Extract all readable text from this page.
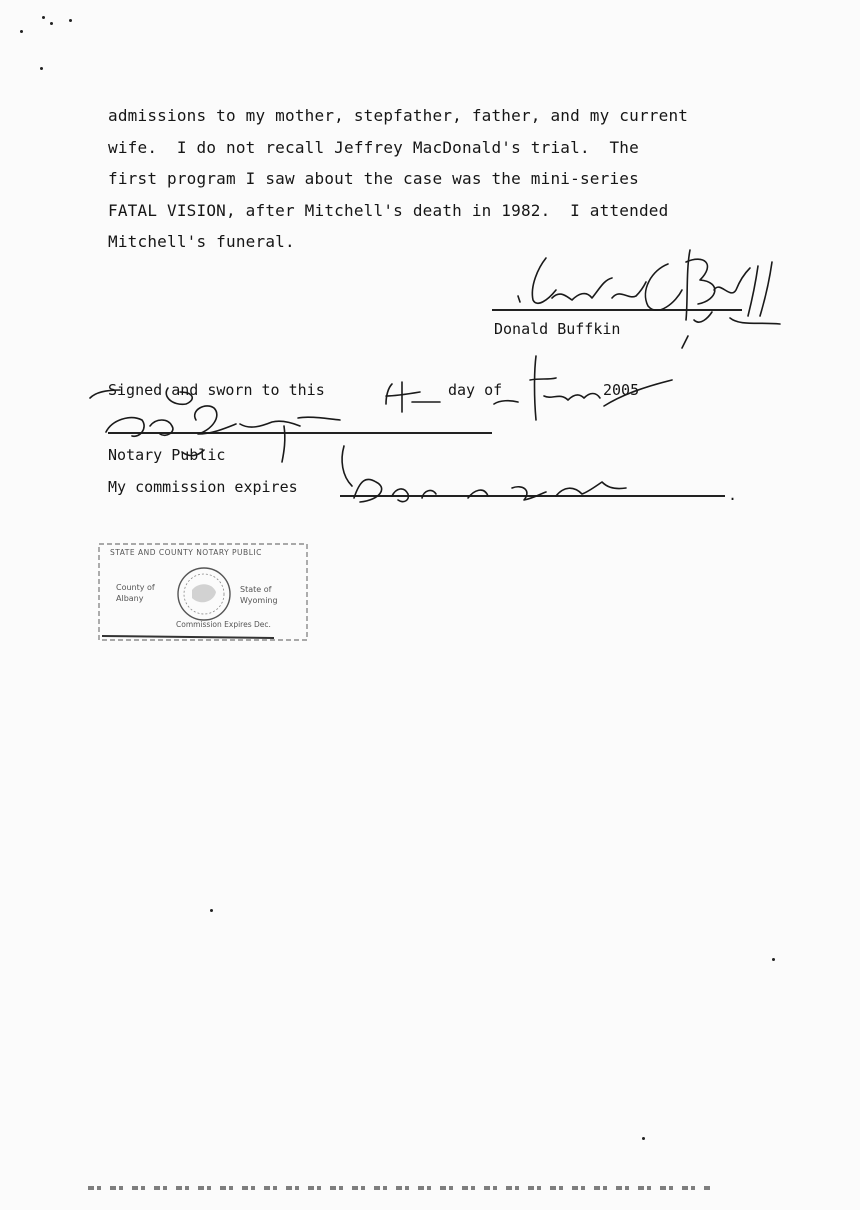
admissions to my mother, stepfather, father, and my current
wife.  I do not recall Jeffrey MacDonald's trial.  The
first program I saw about the case was the mini-series
FATAL VISION, after Mitchell's death in 1982.  I attended
Mitchell's funeral.
Donald Buffkin

Signed and sworn to this

	day of

	2005

Notary Public
My commission expires	.
STATE AND COUNTY NOTARY PUBLIC
County of
Albany
State of
Wyoming
Commission Expires Dec.
